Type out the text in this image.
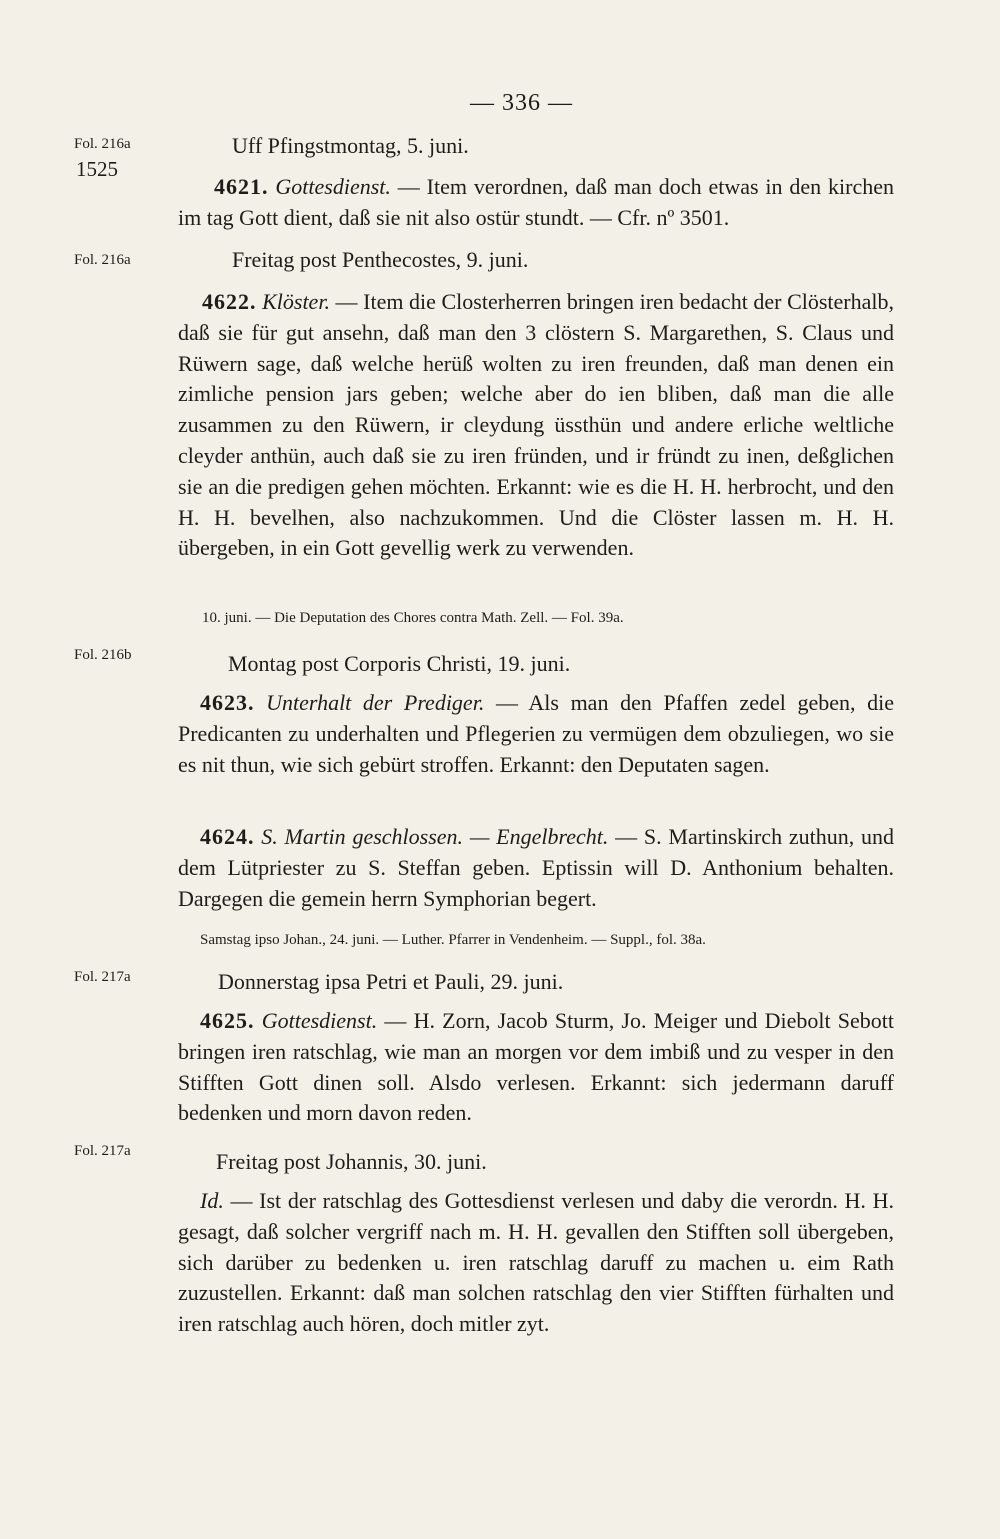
— 336 —
Fol. 216a
1525
Fol. 216a
Fol. 216b
Fol. 217a
Fol. 217a
Uff Pfingstmontag, 5. juni.
4621. Gottesdienst. — Item verordnen, daß man doch etwas in den kirchen im tag Gott dient, daß sie nit also ostür stundt. — Cfr. nº 3501.
Freitag post Penthecostes, 9. juni.
4622. Klöster. — Item die Closterherren bringen iren bedacht der Clösterhalb, daß sie für gut ansehn, daß man den 3 clöstern S. Margarethen, S. Claus und Rüwern sage, daß welche herüß wolten zu iren freunden, daß man denen ein zimliche pension jars geben; welche aber do ien bliben, daß man die alle zusammen zu den Rüwern, ir cleydung üssthün und andere erliche weltliche cleyder anthün, auch daß sie zu iren fründen, und ir fründt zu inen, deßglichen sie an die predigen gehen möchten. Erkannt: wie es die H. H. herbrocht, und den H. H. bevelhen, also nachzukommen. Und die Clöster lassen m. H. H. übergeben, in ein Gott gevellig werk zu verwenden.
10. juni. — Die Deputation des Chores contra Math. Zell. — Fol. 39a.
Montag post Corporis Christi, 19. juni.
4623. Unterhalt der Prediger. — Als man den Pfaffen zedel geben, die Predicanten zu underhalten und Pflegerien zu vermügen dem obzuliegen, wo sie es nit thun, wie sich gebürt stroffen. Erkannt: den Deputaten sagen.
4624. S. Martin geschlossen. — Engelbrecht. — S. Martinskirch zuthun, und dem Lütpriester zu S. Steffan geben. Eptissin will D. Anthonium behalten. Dargegen die gemein herrn Symphorian begert.
Samstag ipso Johan., 24. juni. — Luther. Pfarrer in Vendenheim. — Suppl., fol. 38a.
Donnerstag ipsa Petri et Pauli, 29. juni.
4625. Gottesdienst. — H. Zorn, Jacob Sturm, Jo. Meiger und Diebolt Sebott bringen iren ratschlag, wie man an morgen vor dem imbiß und zu vesper in den Stifften Gott dinen soll. Alsdo verlesen. Erkannt: sich jedermann daruff bedenken und morn davon reden.
Freitag post Johannis, 30. juni.
Id. — Ist der ratschlag des Gottesdienst verlesen und daby die verordn. H. H. gesagt, daß solcher vergriff nach m. H. H. gevallen den Stifften soll übergeben, sich darüber zu bedenken u. iren ratschlag daruff zu machen u. eim Rath zuzustellen. Erkannt: daß man solchen ratschlag den vier Stifften fürhalten und iren ratschlag auch hören, doch mitler zyt.
